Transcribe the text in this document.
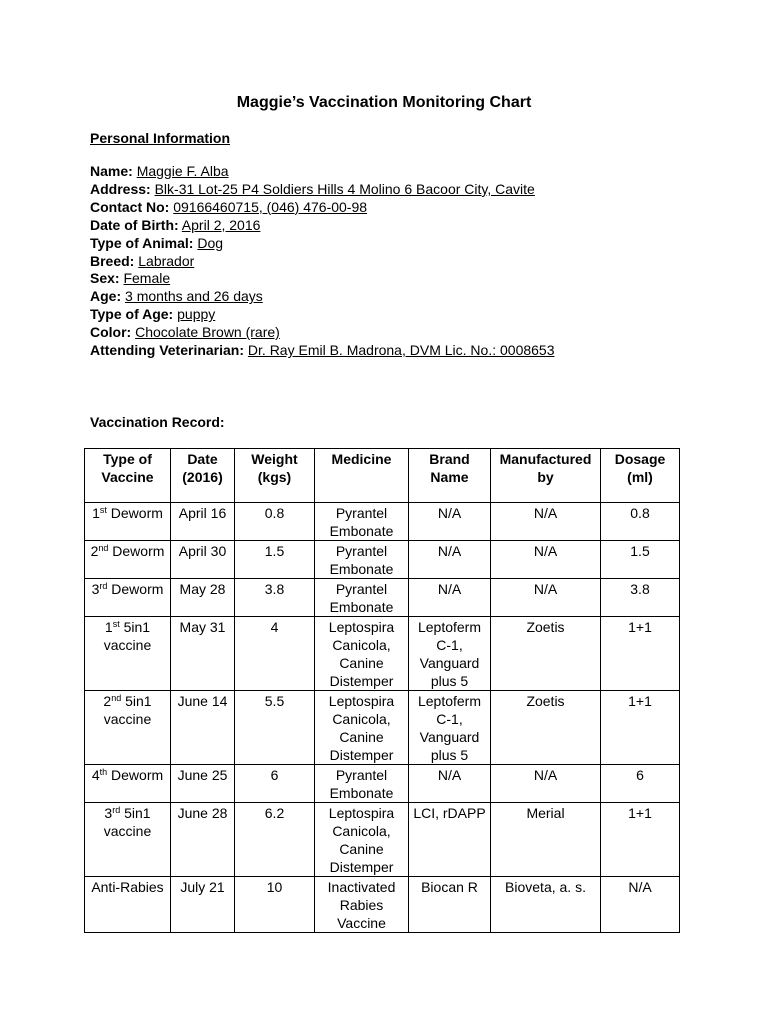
Maggie’s Vaccination Monitoring Chart
Personal Information
Name: Maggie F. Alba
Address: Blk-31 Lot-25 P4 Soldiers Hills 4 Molino 6 Bacoor City, Cavite
Contact No: 09166460715, (046) 476-00-98
Date of Birth: April 2, 2016
Type of Animal: Dog
Breed: Labrador
Sex: Female
Age: 3 months and 26 days
Type of Age: puppy
Color: Chocolate Brown (rare)
Attending Veterinarian: Dr. Ray Emil B. Madrona, DVM Lic. No.: 0008653
Vaccination Record:
Type of Vaccine	Date (2016)	Weight (kgs)	Medicine	Brand Name	Manufactured by	Dosage (ml)
1st Deworm	April 16	0.8	Pyrantel Embonate	N/A	N/A	0.8
2nd Deworm	April 30	1.5	Pyrantel Embonate	N/A	N/A	1.5
3rd Deworm	May 28	3.8	Pyrantel Embonate	N/A	N/A	3.8
1st 5in1 vaccine	May 31	4	Leptospira Canicola, Canine Distemper	Leptoferm C-1, Vanguard plus 5	Zoetis	1+1
2nd 5in1 vaccine	June 14	5.5	Leptospira Canicola, Canine Distemper	Leptoferm C-1, Vanguard plus 5	Zoetis	1+1
4th Deworm	June 25	6	Pyrantel Embonate	N/A	N/A	6
3rd 5in1 vaccine	June 28	6.2	Leptospira Canicola, Canine Distemper	LCI, rDAPP	Merial	1+1
Anti-Rabies	July 21	10	Inactivated Rabies Vaccine	Biocan R	Bioveta, a. s.	N/A
